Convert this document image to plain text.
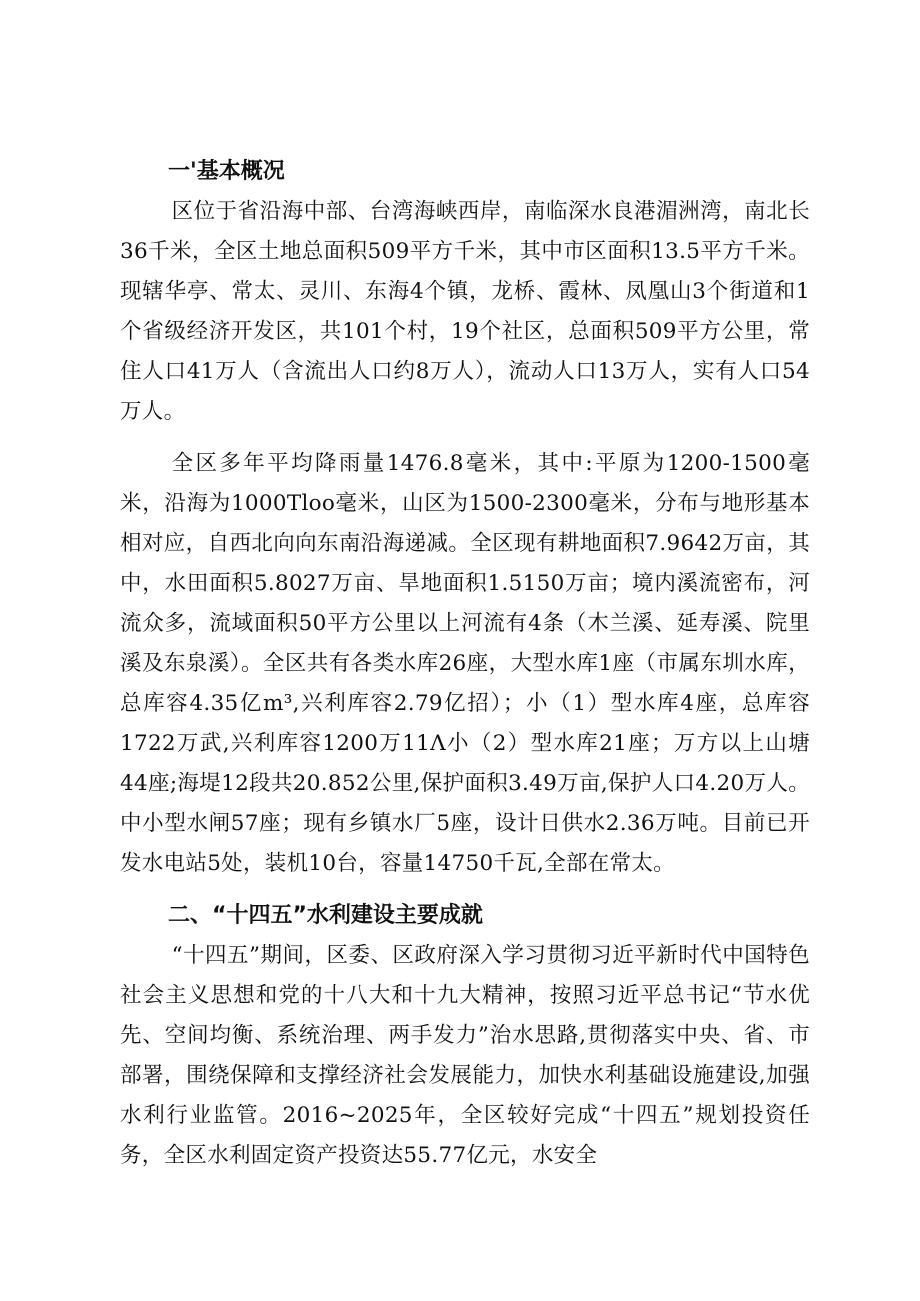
一'基本概况

区位于省沿海中部、台湾海峡西岸，南临深水良港湄洲湾，南北长36千米，全区土地总面积509平方千米，其中市区面积13.5平方千米。现辖华亭、常太、灵川、东海4个镇，龙桥、霞林、凤凰山3个街道和1个省级经济开发区，共101个村，19个社区，总面积509平方公里，常住人口41万人（含流出人口约8万人），流动人口13万人，实有人口54万人。

全区多年平均降雨量1476.8毫米，其中:平原为1200-1500毫米，沿海为1000Tloo毫米，山区为1500-2300毫米，分布与地形基本相对应，自西北向向东南沿海递减。全区现有耕地面积7.9642万亩，其中，水田面积5.8027万亩、旱地面积1.5150万亩；境内溪流密布，河流众多，流域面积50平方公里以上河流有4条（木兰溪、延寿溪、院里溪及东泉溪）。全区共有各类水库26座，大型水库1座（市属东圳水库，总库容4.35亿m³,兴利库容2.79亿招）；小（1）型水库4座，总库容1722万武,兴利库容1200万11Λ小（2）型水库21座；万方以上山塘44座;海堤12段共20.852公里,保护面积3.49万亩,保护人口4.20万人。中小型水闸57座；现有乡镇水厂5座，设计日供水2.36万吨。目前已开发水电站5处，装机10台，容量14750千瓦,全部在常太。

二、“十四五”水利建设主要成就

“十四五”期间，区委、区政府深入学习贯彻习近平新时代中国特色社会主义思想和党的十八大和十九大精神，按照习近平总书记“节水优先、空间均衡、系统治理、两手发力”治水思路,贯彻落实中央、省、市部署，围绕保障和支撑经济社会发展能力，加快水利基础设施建设,加强水利行业监管。2016~2025年，全区较好完成“十四五”规划投资任务，全区水利固定资产投资达55.77亿元，水安全
